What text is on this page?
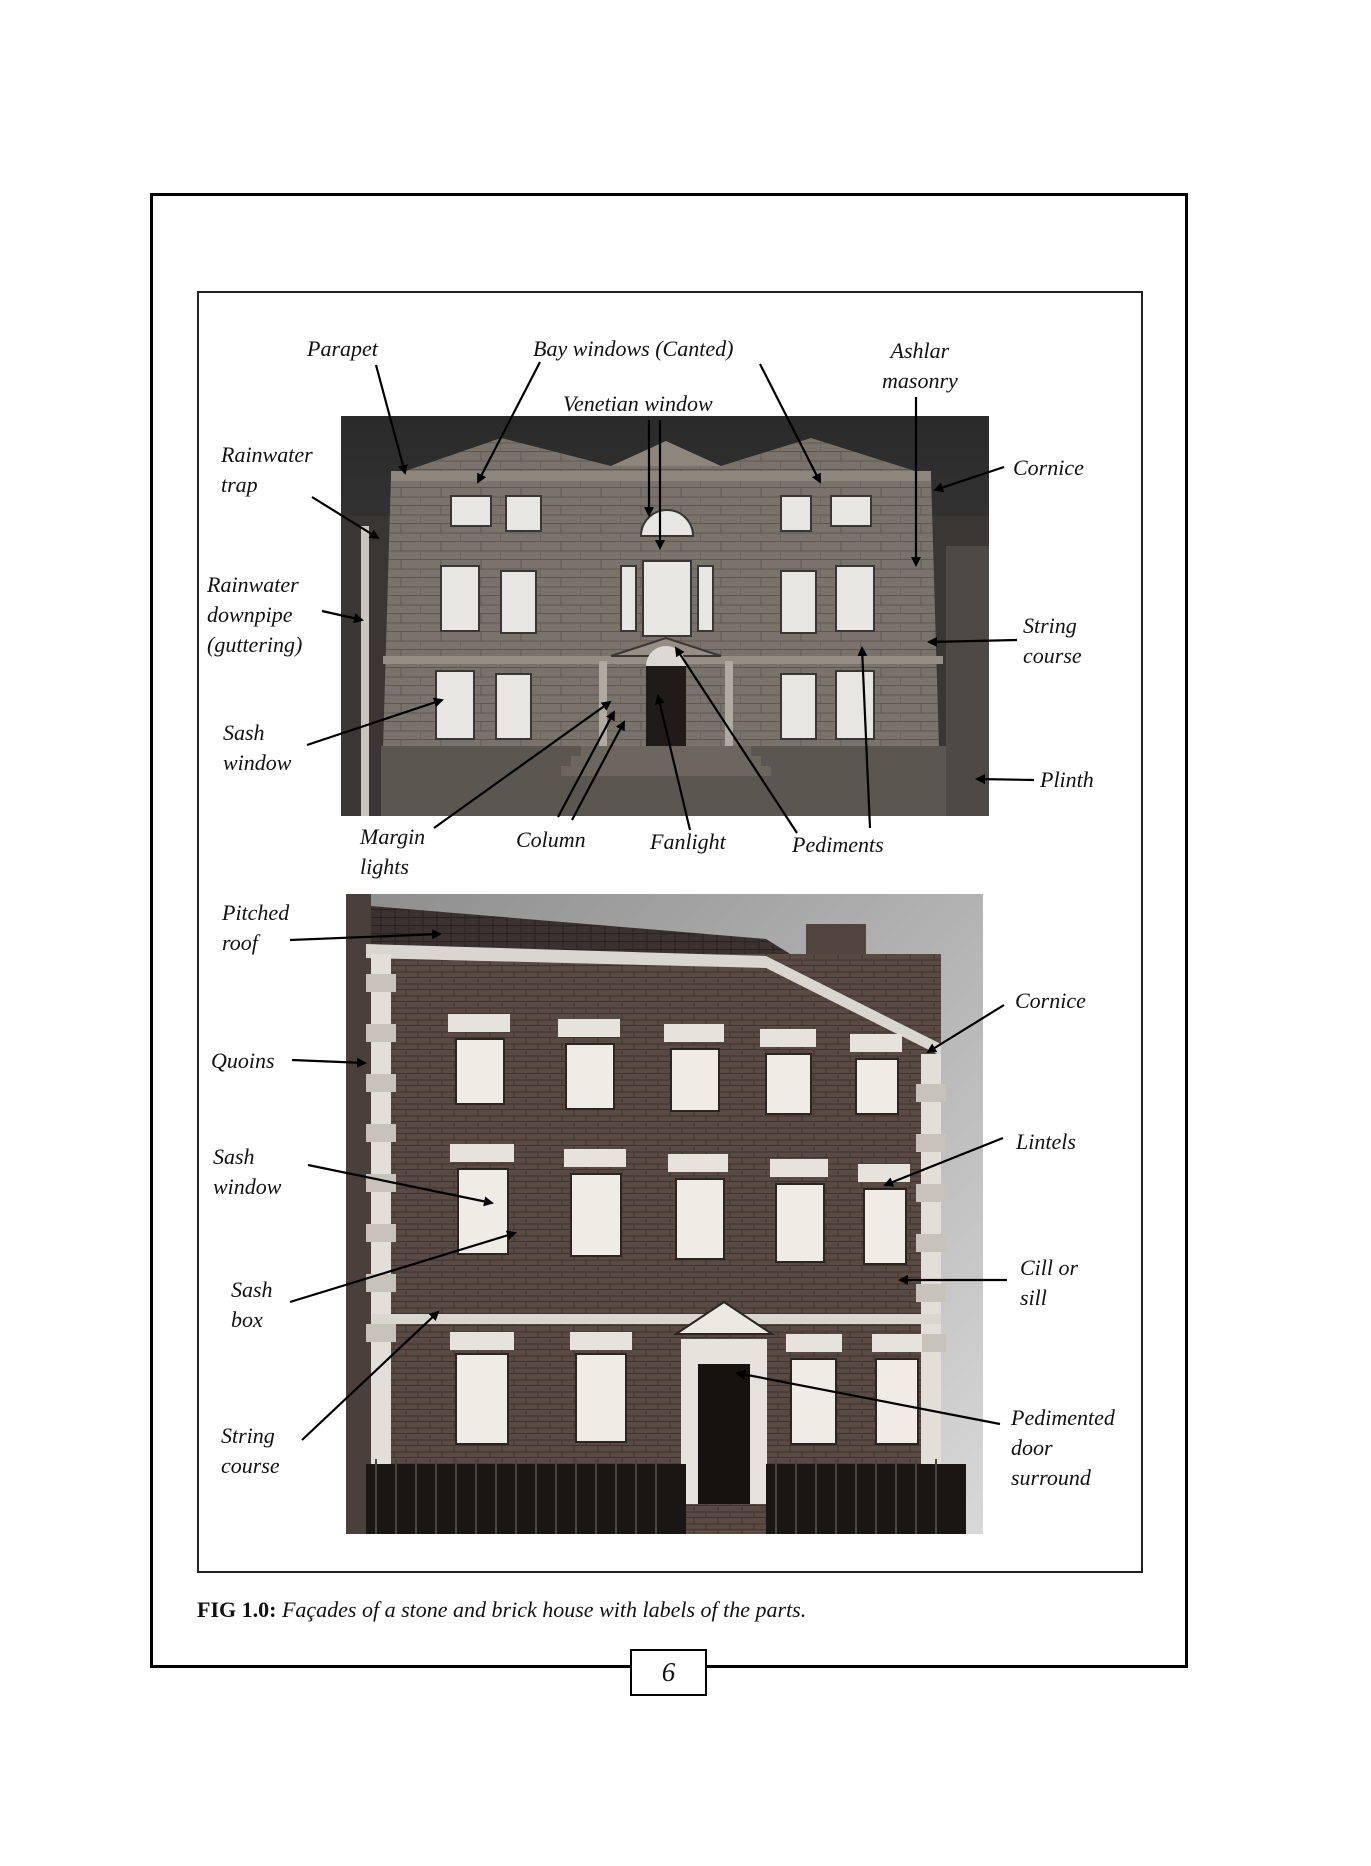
Parapet	Bay windows (Canted)
Venetian window
Ashlar
masonry
Rainwater
trap
Cornice
Rainwater
downpipe
(guttering)
String
course
Sash
window
Plinth
Margin
lights
Column	Fanlight	Pediments
Pitched
roof
Cornice
Quoins
Lintels
Sash
window
Sash
box
Cill or
sill
String
course
Pedimented
door
surround
FIG 1.0: Façades of a stone and brick house with labels of the parts.
6
